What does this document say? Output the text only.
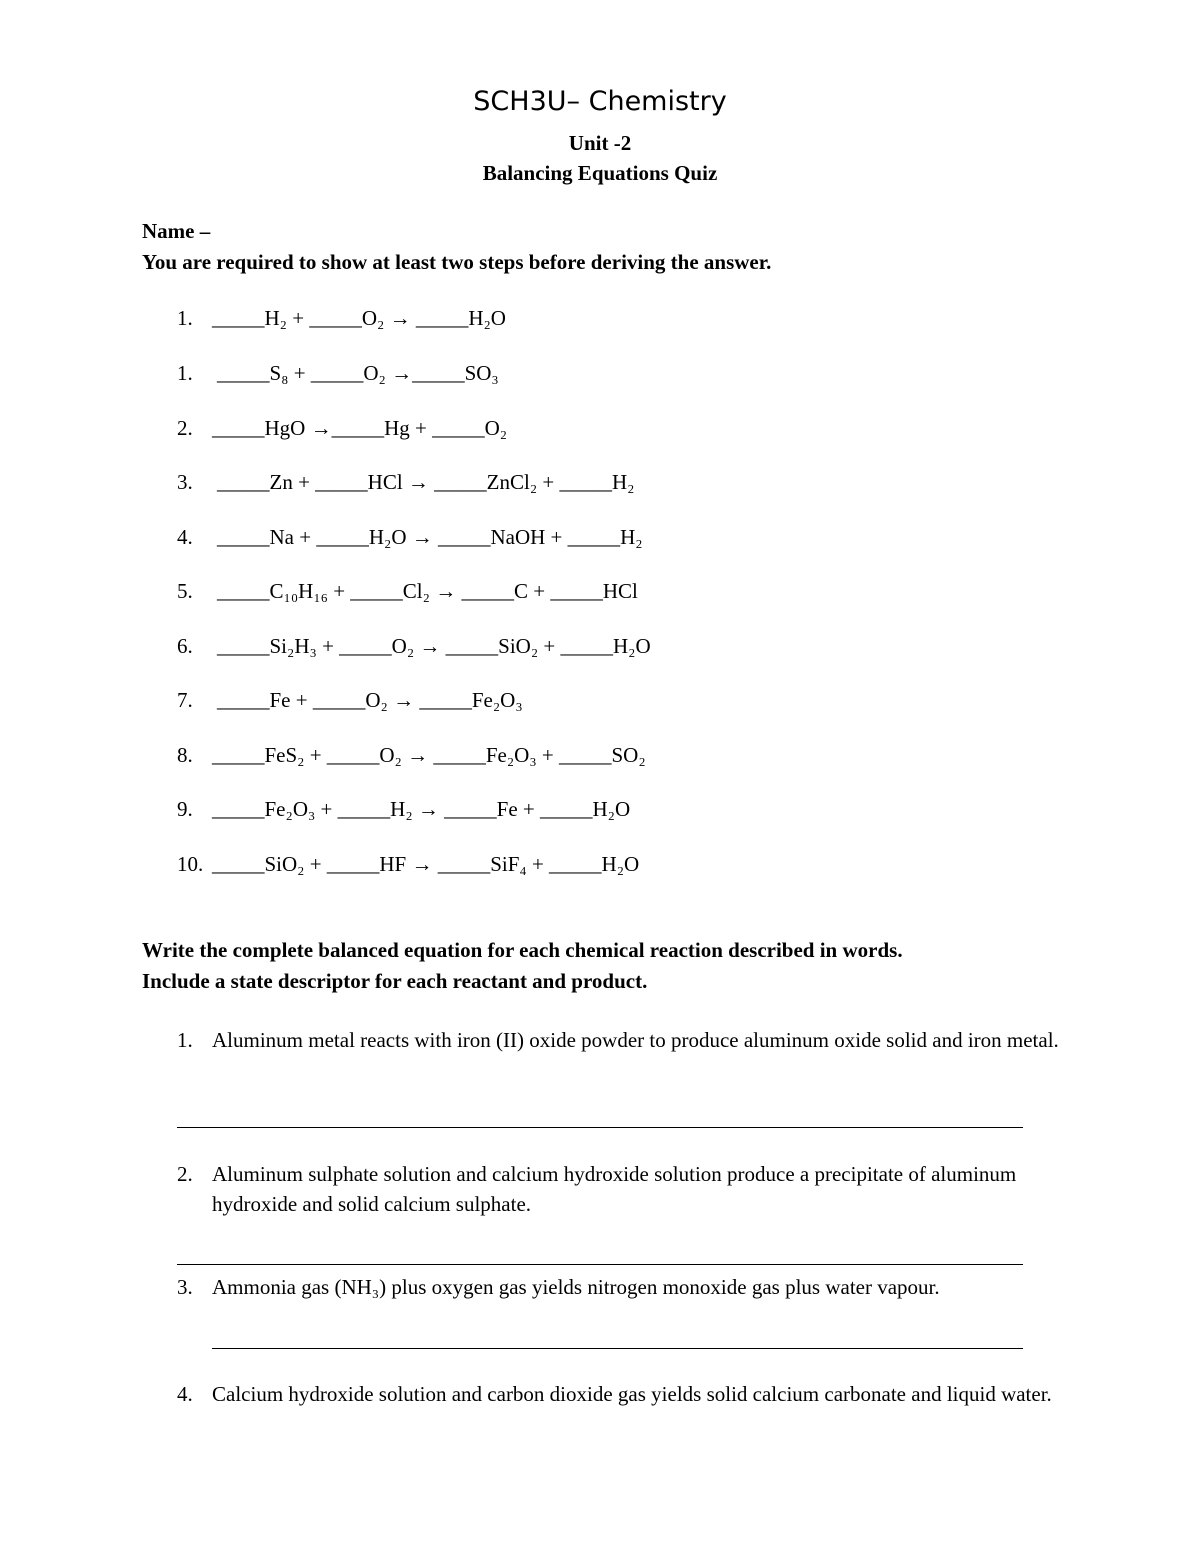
SCH3U– Chemistry
Unit -2
Balancing Equations Quiz
Name –
You are required to show at least two steps before deriving the answer.
1. _____H₂ + _____O₂ → _____H₂O
1. _____S₈ + _____O₂ →_____SO₃
2. _____HgO →_____Hg + _____O₂
3. _____Zn + _____HCl → _____ZnCl₂ + _____H₂
4. _____Na + _____H₂O → _____NaOH + _____H₂
5. _____C₁₀H₁₆ + _____Cl₂ → _____C + _____HCl
6. _____Si₂H₃ + _____O₂ → _____SiO₂ + _____H₂O
7. _____Fe + _____O₂ → _____Fe₂O₃
8. _____FeS₂ + _____O₂ → _____Fe₂O₃ + _____SO₂
9. _____Fe₂O₃ + _____H₂ → _____Fe + _____H₂O
10. _____SiO₂ + _____HF → _____SiF₄ + _____H₂O
Write the complete balanced equation for each chemical reaction described in words.
Include a state descriptor for each reactant and product.
1. Aluminum metal reacts with iron (II) oxide powder to produce aluminum oxide solid and iron metal.
2. Aluminum sulphate solution and calcium hydroxide solution produce a precipitate of aluminum hydroxide and solid calcium sulphate.
3. Ammonia gas (NH₃) plus oxygen gas yields nitrogen monoxide gas plus water vapour.
4. Calcium hydroxide solution and carbon dioxide gas yields solid calcium carbonate and liquid water.
